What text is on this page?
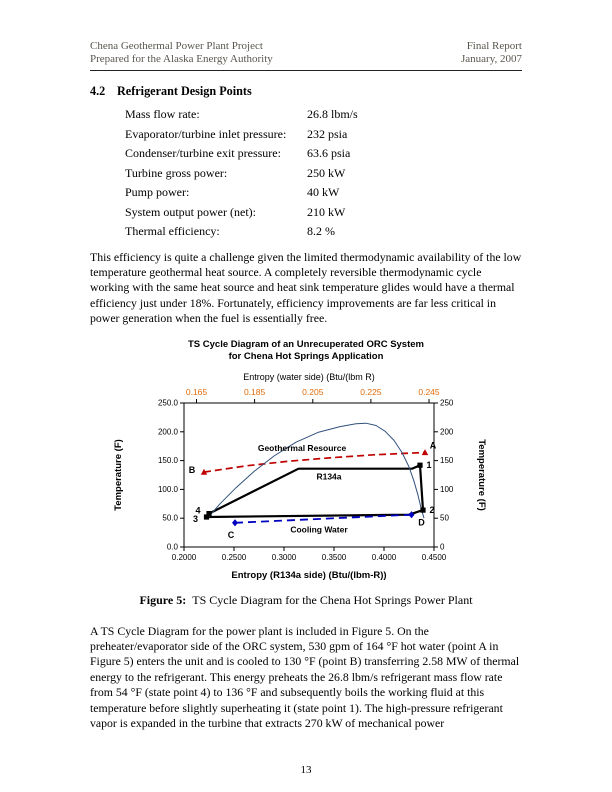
Chena Geothermal Power Plant Project
Prepared for the Alaska Energy Authority
Final Report
January, 2007
4.2 Refrigerant Design Points
Mass flow rate:	26.8 lbm/s
Evaporator/turbine inlet pressure:	232 psia
Condenser/turbine exit pressure:	63.6 psia
Turbine gross power:	250 kW
Pump power:	40 kW
System output power (net):	210 kW
Thermal efficiency:	8.2 %

This efficiency is quite a challenge given the limited thermodynamic availability of the low temperature geothermal heat source. A completely reversible thermodynamic cycle working with the same heat source and heat sink temperature glides would have a thermal efficiency just under 18%. Fortunately, efficiency improvements are far less critical in power generation when the fuel is essentially free.

TS Cycle Diagram of an Unrecuperated ORC System
for Chena Hot Springs Application
0.2000	0.2500	0.3000	0.3500	0.4000	0.4500
Entropy (R134a side) (Btu/(lbm-R))
0.0
50.0
100.0
150.0
200.0
250.0
Temperature (F)
0
50
100
150
200
250
Temperature (F)
0.165	0.185	0.205	0.225	0.245
Entropy (water side) (Btu/(lbm R)
1
2
3
4
A
B
C
D
Geothermal Resource
R134a
Cooling Water
Figure 5: TS Cycle Diagram for the Chena Hot Springs Power Plant

A TS Cycle Diagram for the power plant is included in Figure 5. On the preheater/evaporator side of the ORC system, 530 gpm of 164 °F hot water (point A in Figure 5) enters the unit and is cooled to 130 °F (point B) transferring 2.58 MW of thermal energy to the refrigerant. This energy preheats the 26.8 lbm/s refrigerant mass flow rate from 54 °F (state point 4) to 136 °F and subsequently boils the working fluid at this temperature before slightly superheating it (state point 1). The high-pressure refrigerant vapor is expanded in the turbine that extracts 270 kW of mechanical power

13
